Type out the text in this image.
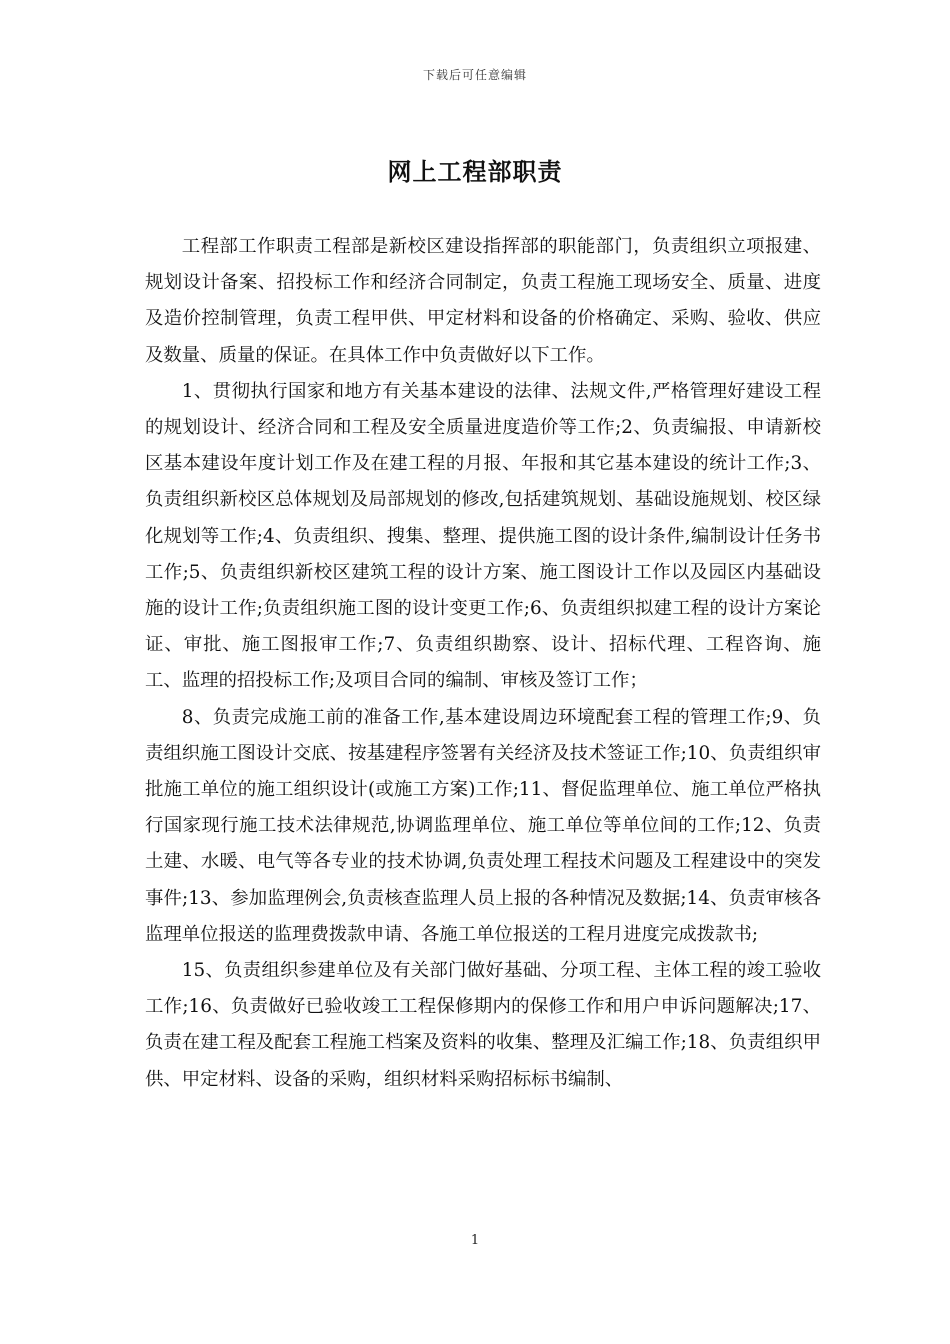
下载后可任意编辑
网上工程部职责

工程部工作职责工程部是新校区建设指挥部的职能部门，负责组织立项报建、规划设计备案、招投标工作和经济合同制定，负责工程施工现场安全、质量、进度及造价控制管理，负责工程甲供、甲定材料和设备的价格确定、采购、验收、供应及数量、质量的保证。在具体工作中负责做好以下工作。

1、贯彻执行国家和地方有关基本建设的法律、法规文件,严格管理好建设工程的规划设计、经济合同和工程及安全质量进度造价等工作;2、负责编报、申请新校区基本建设年度计划工作及在建工程的月报、年报和其它基本建设的统计工作;3、负责组织新校区总体规划及局部规划的修改,包括建筑规划、基础设施规划、校区绿化规划等工作;4、负责组织、搜集、整理、提供施工图的设计条件,编制设计任务书工作;5、负责组织新校区建筑工程的设计方案、施工图设计工作以及园区内基础设施的设计工作;负责组织施工图的设计变更工作;6、负责组织拟建工程的设计方案论证、审批、施工图报审工作;7、负责组织勘察、设计、招标代理、工程咨询、施工、监理的招投标工作;及项目合同的编制、审核及签订工作；

8、负责完成施工前的准备工作,基本建设周边环境配套工程的管理工作;9、负责组织施工图设计交底、按基建程序签署有关经济及技术签证工作;10、负责组织审批施工单位的施工组织设计(或施工方案)工作;11、督促监理单位、施工单位严格执行国家现行施工技术法律规范,协调监理单位、施工单位等单位间的工作;12、负责土建、水暖、电气等各专业的技术协调,负责处理工程技术问题及工程建设中的突发事件;13、参加监理例会,负责核查监理人员上报的各种情况及数据;14、负责审核各监理单位报送的监理费拨款申请、各施工单位报送的工程月进度完成拨款书;

15、负责组织参建单位及有关部门做好基础、分项工程、主体工程的竣工验收工作;16、负责做好已验收竣工工程保修期内的保修工作和用户申诉问题解决;17、负责在建工程及配套工程施工档案及资料的收集、整理及汇编工作;18、负责组织甲供、甲定材料、设备的采购，组织材料采购招标标书编制、

1
